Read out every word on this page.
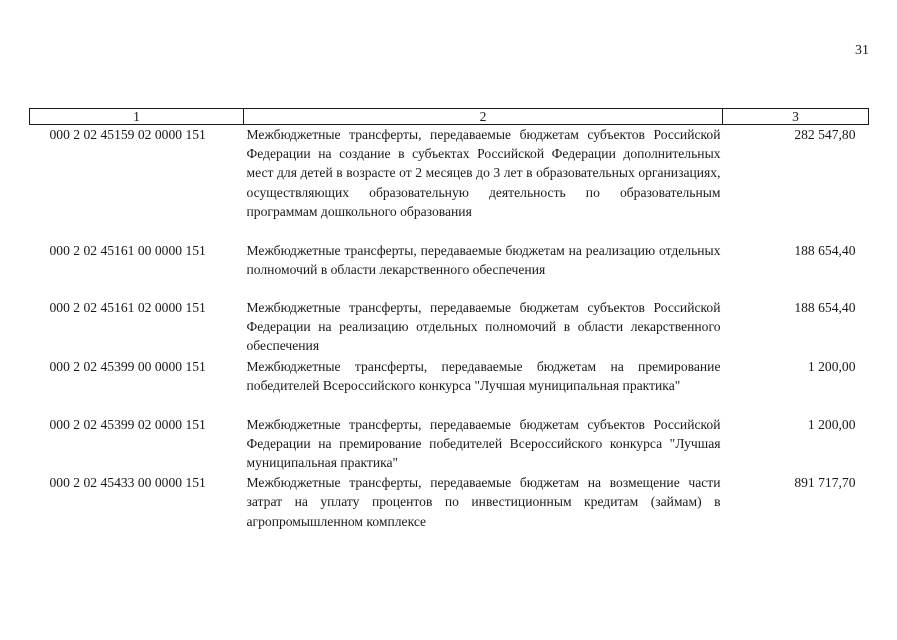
31
1	2	3
000 2 02 45159 02 0000 151	Межбюджетные трансферты, передаваемые бюджетам субъектов Российской Федерации на создание в субъектах Российской Федерации дополнительных мест для детей в возрасте от 2 месяцев до 3 лет в образовательных организациях, осуществляющих образовательную деятельность по образовательным программам дошкольного образования	282 547,80
000 2 02 45161 00 0000 151	Межбюджетные трансферты, передаваемые бюджетам на реализацию отдельных полномочий в области лекарственного обеспечения	188 654,40
000 2 02 45161 02 0000 151	Межбюджетные трансферты, передаваемые бюджетам субъектов Российской Федерации на реализацию отдельных полномочий в области лекарственного обеспечения	188 654,40
000 2 02 45399 00 0000 151	Межбюджетные трансферты, передаваемые бюджетам на премирование победителей Всероссийского конкурса "Лучшая муниципальная практика"	1 200,00
000 2 02 45399 02 0000 151	Межбюджетные трансферты, передаваемые бюджетам субъектов Российской Федерации на премирование победителей Всероссийского конкурса "Лучшая муниципальная практика"	1 200,00
000 2 02 45433 00 0000 151	Межбюджетные трансферты, передаваемые бюджетам на возмещение части затрат на уплату процентов по инвестиционным кредитам (займам) в агропромышленном комплексе	891 717,70
